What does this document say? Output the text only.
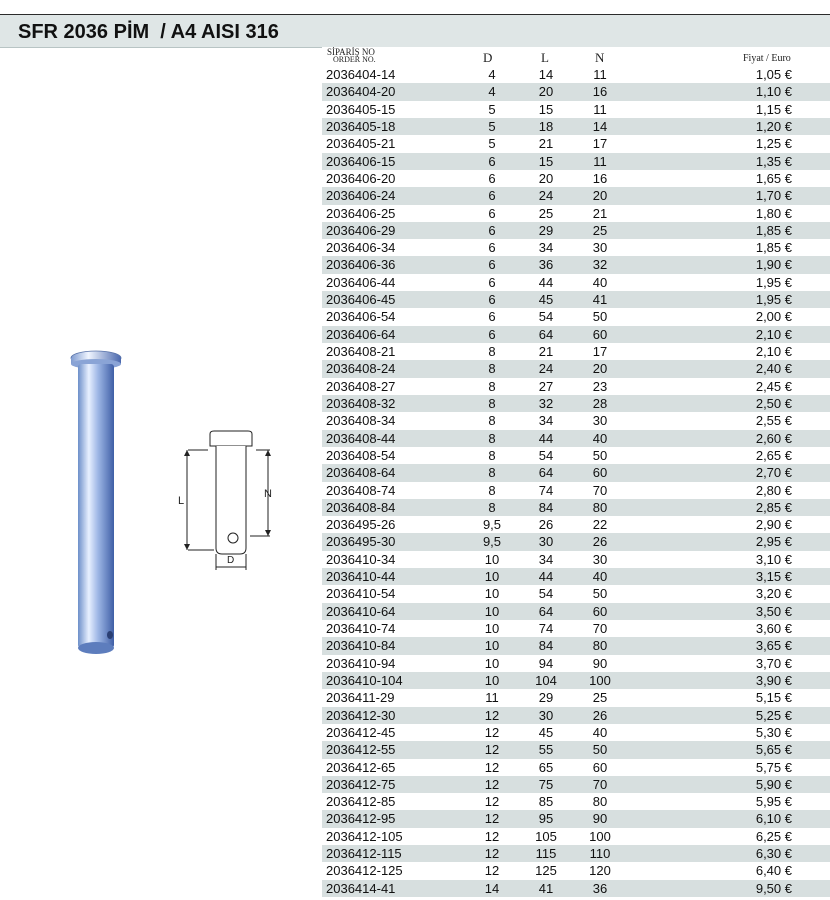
SFR 2036 PİM  / A4 AISI 316
L
N
D
SİPARİŞ NO
ORDER NO.	D	L	N	Fiyat / Euro
2036404-14	4	14	11	1,05 €
2036404-20	4	20	16	1,10 €
2036405-15	5	15	11	1,15 €
2036405-18	5	18	14	1,20 €
2036405-21	5	21	17	1,25 €
2036406-15	6	15	11	1,35 €
2036406-20	6	20	16	1,65 €
2036406-24	6	24	20	1,70 €
2036406-25	6	25	21	1,80 €
2036406-29	6	29	25	1,85 €
2036406-34	6	34	30	1,85 €
2036406-36	6	36	32	1,90 €
2036406-44	6	44	40	1,95 €
2036406-45	6	45	41	1,95 €
2036406-54	6	54	50	2,00 €
2036406-64	6	64	60	2,10 €
2036408-21	8	21	17	2,10 €
2036408-24	8	24	20	2,40 €
2036408-27	8	27	23	2,45 €
2036408-32	8	32	28	2,50 €
2036408-34	8	34	30	2,55 €
2036408-44	8	44	40	2,60 €
2036408-54	8	54	50	2,65 €
2036408-64	8	64	60	2,70 €
2036408-74	8	74	70	2,80 €
2036408-84	8	84	80	2,85 €
2036495-26	9,5	26	22	2,90 €
2036495-30	9,5	30	26	2,95 €
2036410-34	10	34	30	3,10 €
2036410-44	10	44	40	3,15 €
2036410-54	10	54	50	3,20 €
2036410-64	10	64	60	3,50 €
2036410-74	10	74	70	3,60 €
2036410-84	10	84	80	3,65 €
2036410-94	10	94	90	3,70 €
2036410-104	10	104	100	3,90 €
2036411-29	11	29	25	5,15 €
2036412-30	12	30	26	5,25 €
2036412-45	12	45	40	5,30 €
2036412-55	12	55	50	5,65 €
2036412-65	12	65	60	5,75 €
2036412-75	12	75	70	5,90 €
2036412-85	12	85	80	5,95 €
2036412-95	12	95	90	6,10 €
2036412-105	12	105	100	6,25 €
2036412-115	12	115	110	6,30 €
2036412-125	12	125	120	6,40 €
2036414-41	14	41	36	9,50 €
